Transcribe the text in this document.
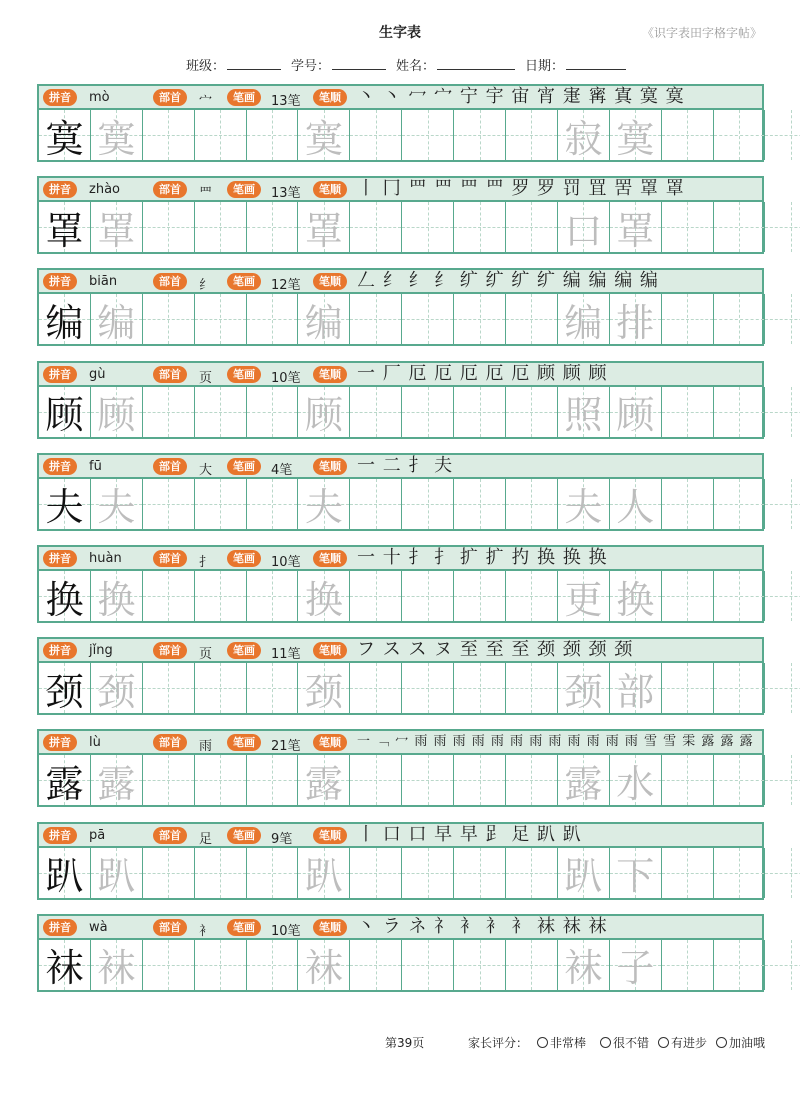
生字表	《识字表田字格字帖》
班级：	学号：	姓名：	日期：
拼音	mò	部首	宀	笔画	13笔	笔顺 丶 丶 冖 宀 宁 宇 宙 宵 寁 寗 寘 寞 寞
寞 寞	寞	寂 寞
拼音	zhào	部首	罒	笔画	13笔	笔顺 丨 冂 罒 罒 罒 罒 罗 罗 罚 罝 罟 罩 罩
罩 罩	罩	口 罩
拼音	biān	部首	纟	笔画	12笔	笔顺 𠃋 纟 纟 纟 纩 纩 纩 纩 编 编 编 编
编 编	编	编 排
拼音	gù	部首	页	笔画	10笔	笔顺 一 厂 厄 厄 厄 厄 厄 顾 顾 顾
顾 顾	顾	照 顾
拼音	fū	部首	大	笔画	4笔	笔顺 一 二 扌 夫
夫 夫	夫	夫 人
拼音	huàn	部首	扌	笔画	10笔	笔顺 一 十 扌 扌 扩 扩 扚 换 换 换
换 换	换	更 换
拼音	jǐng	部首	页	笔画	11笔	笔顺 フ ス ス ヌ 至 至 至 颈 颈 颈 颈
颈 颈	颈	颈 部
拼音	lù	部首	雨	笔画	21笔	笔顺	一 ﹁ 冖 雨 雨 雨 雨 雨 雨 雨 雨 雨 雨 雨 雨 雪 雪 雬 露 露 露
露 露	露	露 水
拼音	pā	部首	足	笔画	9笔	笔顺 丨 口 口 早 早 𧾷 足 趴 趴
趴 趴	趴	趴 下
拼音	wà	部首	衤	笔画	10笔	笔顺 丶 ラ ネ 礻 衤 衤 衤 袜 袜 袜
袜 袜	袜	袜 子
第39页	家长评分： 非常棒 很不错 有进步 加油哦
